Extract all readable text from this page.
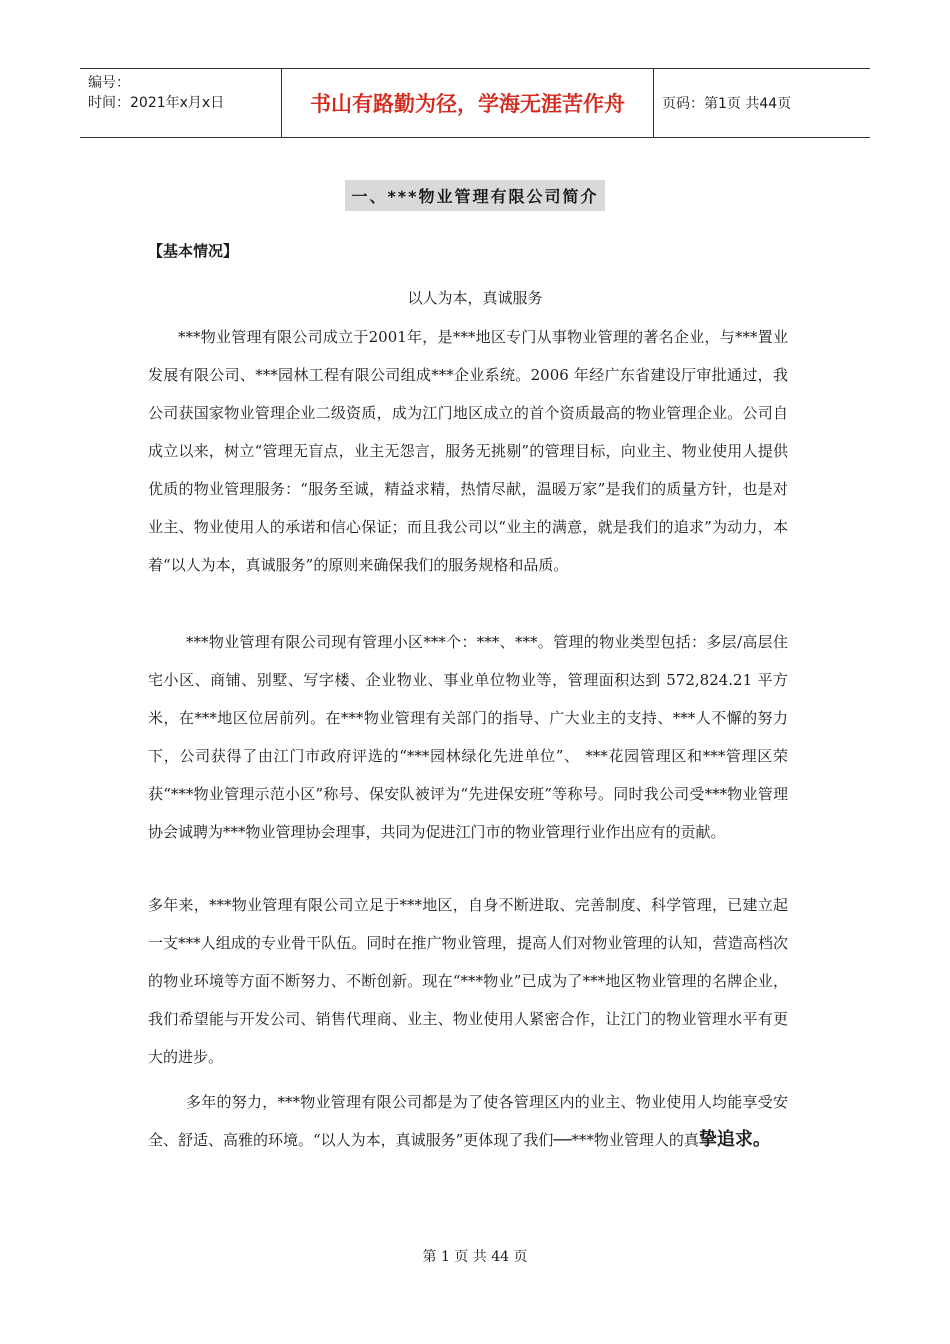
编号：
时间：2021年x月x日	书山有路勤为径，学海无涯苦作舟	页码：第1页 共44页
一、***物业管理有限公司简介
【基本情况】
以人为本，真诚服务
***物业管理有限公司成立于2001年，是***地区专门从事物业管理的著名企业，与***置业发展有限公司、***园林工程有限公司组成***企业系统。2006 年经广东省建设厅审批通过，我公司获国家物业管理企业二级资质，成为江门地区成立的首个资质最高的物业管理企业。公司自成立以来，树立“管理无盲点，业主无怨言，服务无挑剔”的管理目标，向业主、物业使用人提供优质的物业管理服务：“服务至诚，精益求精，热情尽献，温暖万家”是我们的质量方针，也是对业主、物业使用人的承诺和信心保证；而且我公司以“业主的满意，就是我们的追求”为动力，本着“以人为本，真诚服务”的原则来确保我们的服务规格和品质。
***物业管理有限公司现有管理小区***个：***、***。管理的物业类型包括：多层/高层住宅小区、商铺、别墅、写字楼、企业物业、事业单位物业等，管理面积达到 572,824.21 平方米，在***地区位居前列。在***物业管理有关部门的指导、广大业主的支持、***人不懈的努力下，公司获得了由江门市政府评选的“***园林绿化先进单位”、 ***花园管理区和***管理区荣获“***物业管理示范小区”称号、保安队被评为“先进保安班”等称号。同时我公司受***物业管理协会诚聘为***物业管理协会理事，共同为促进江门市的物业管理行业作出应有的贡献。
多年来，***物业管理有限公司立足于***地区，自身不断进取、完善制度、科学管理，已建立起一支***人组成的专业骨干队伍。同时在推广物业管理，提高人们对物业管理的认知，营造高档次的物业环境等方面不断努力、不断创新。现在“***物业”已成为了***地区物业管理的名牌企业，我们希望能与开发公司、销售代理商、业主、物业使用人紧密合作，让江门的物业管理水平有更大的进步。
多年的努力，***物业管理有限公司都是为了使各管理区内的业主、物业使用人均能享受安全、舒适、高雅的环境。“以人为本，真诚服务”更体现了我们──***物业管理人的真挚追求。
第 1 页 共 44 页
